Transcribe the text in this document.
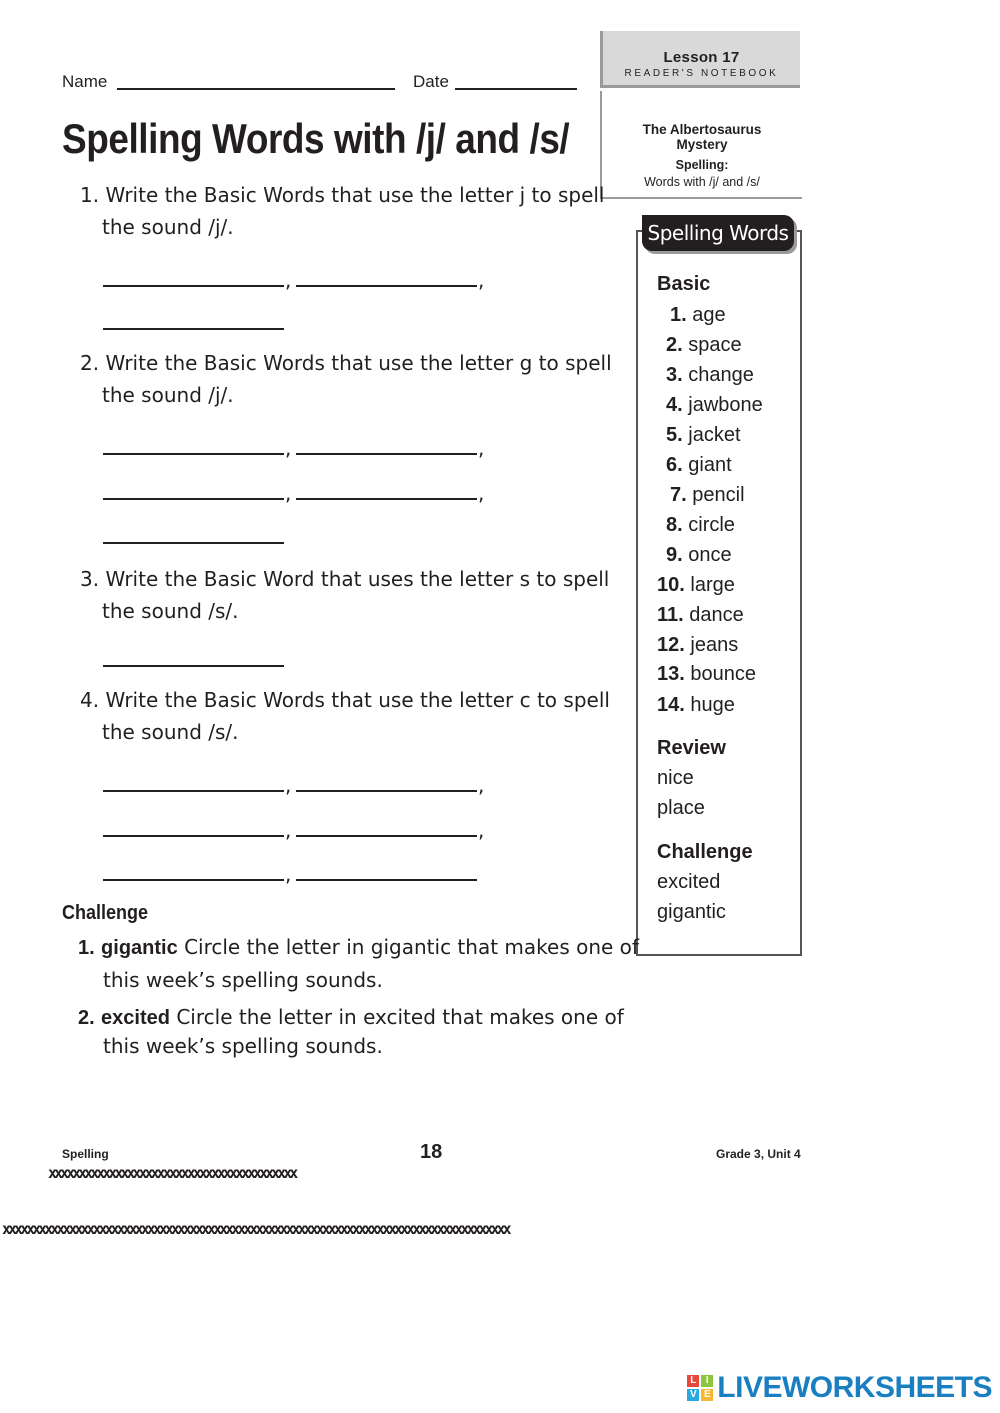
Name	Date
Lesson 17
READER'S NOTEBOOK
The Albertosaurus Mystery
Spelling:
Words with /j/ and /s/
Spelling Words with /j/ and /s/
1. Write the Basic Words that use the letter j to spell
the sound /j/.
,	,
2. Write the Basic Words that use the letter g to spell
the sound /j/.
,	,
,	,
3. Write the Basic Word that uses the letter s to spell
the sound /s/.
4. Write the Basic Words that use the letter c to spell
the sound /s/.
,	,
,	,
,
Spelling Words
Basic
1. age
2. space
3. change
4. jawbone
5. jacket
6. giant
7. pencil
8. circle
9. once
10. large
11. dance
12. jeans
13. bounce
14. huge
Review
nice
place
Challenge
excited
gigantic
Challenge
1. gigantic Circle the letter in gigantic that makes one of
this week’s spelling sounds.
2. excited Circle the letter in excited that makes one of
this week’s spelling sounds.
Spelling	18	Grade 3, Unit 4
xxxxxxxxxxxxxxxxxxxxxxxxxxxxxxxxxxxxxxxxx
xxxxxxxxxxxxxxxxxxxxxxxxxxxxxxxxxxxxxxxxxxxxxxxxxxxxxxxxxxxxxxxxxxxxxxxxxxxxxxxxxxxx
L I
V E LIVEWORKSHEETS
